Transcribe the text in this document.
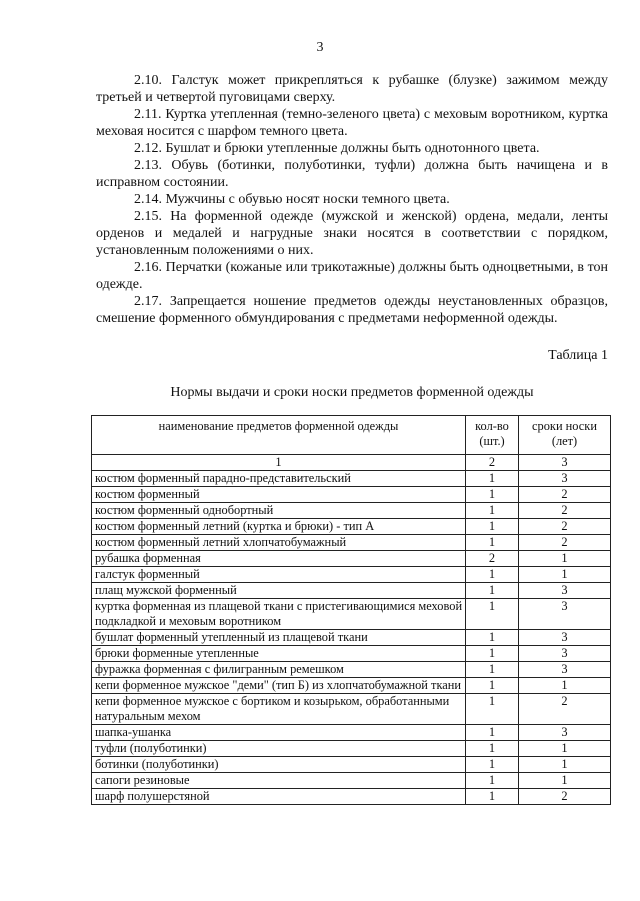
3

2.10. Галстук может прикрепляться к рубашке (блузке) зажимом между третьей и четвертой пуговицами сверху.

2.11. Куртка утепленная (темно-зеленого цвета) с меховым воротником, куртка меховая носится с шарфом темного цвета.

2.12. Бушлат и брюки утепленные должны быть однотонного цвета.

2.13. Обувь (ботинки, полуботинки, туфли) должна быть начищена и в исправном состоянии.

2.14. Мужчины с обувью носят носки темного цвета.

2.15. На форменной одежде (мужской и женской) ордена, медали, ленты орденов и медалей и нагрудные знаки носятся в соответствии с порядком, установленным положениями о них.

2.16. Перчатки (кожаные или трикотажные) должны быть одноцветными, в тон одежде.

2.17. Запрещается ношение предметов одежды неустановленных образцов, смешение форменного обмундирования с предметами неформенной одежды.

Таблица 1
Нормы выдачи и сроки носки предметов форменной одежды
наименование предметов форменной одежды	кол-во (шт.)	сроки носки (лет)
1	2	3
костюм форменный парадно-представительский	1	3
костюм форменный	1	2
костюм форменный однобортный	1	2
костюм форменный летний (куртка и брюки) - тип А	1	2
костюм форменный летний хлопчатобумажный	1	2
рубашка форменная	2	1
галстук форменный	1	1
плащ мужской форменный	1	3
куртка форменная из плащевой ткани с пристегивающимися меховой подкладкой и меховым воротником	1	3
бушлат форменный утепленный из плащевой ткани	1	3
брюки форменные утепленные	1	3
фуражка форменная с филигранным ремешком	1	3
кепи форменное мужское "деми" (тип Б) из хлопчатобумажной ткани	1	1
кепи форменное мужское с бортиком и козырьком, обработанными натуральным мехом	1	2
шапка-ушанка	1	3
туфли (полуботинки)	1	1
ботинки (полуботинки)	1	1
сапоги резиновые	1	1
шарф полушерстяной	1	2
